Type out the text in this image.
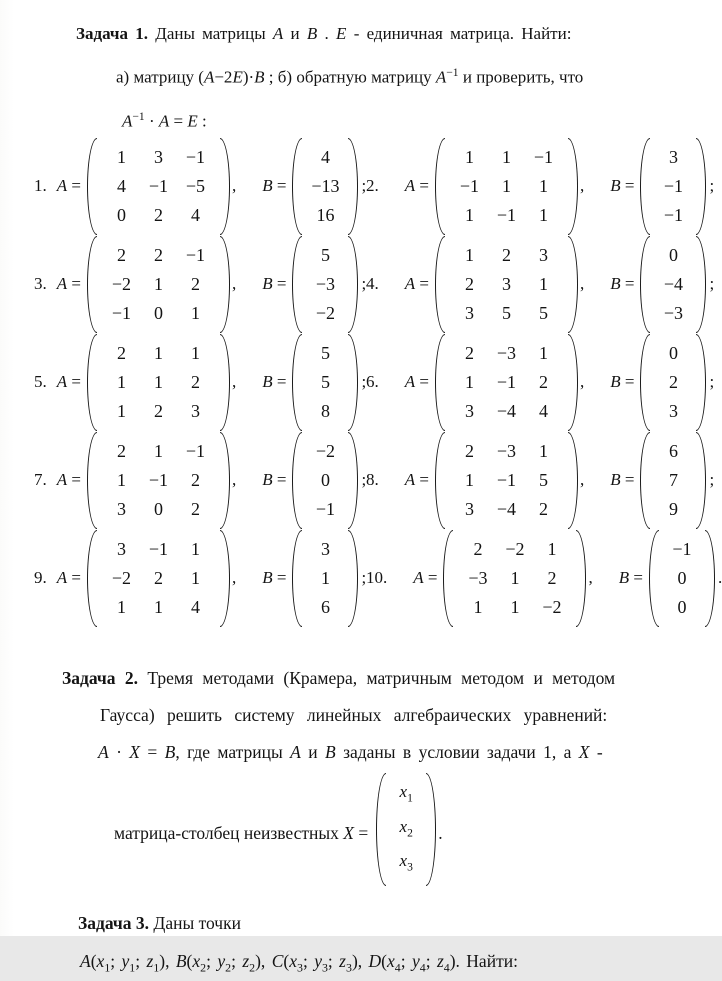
Задача 1. Даны матрицы A и B . E - единичная матрица. Найти:
а) матрицу (A−2E)·B ; б) обратную матрицу $A^{-1}$ и проверить, что
$A^{-1} \cdot A = E$ :
1. A =
1	3	−1
4	−1 −5
0	2	4
, B =
4
−13
16
; 2. A =
1	1	−1
−1	1	1
1	−1	1
, B =
3
−1
−1
;
3. A =
2	2	−1
−2	1	2
−1	0	1
, B =
5
−3
−2
; 4. A =
1	2	3
2	3	1
3	5	5
, B =
0
−4
−3
;
5. A =
2	1	1
1	1	2
1	2	3
, B =
5
5
8
; 6. A =
2	−3	1
1	−1	2
3	−4	4
, B =
0
2
3
;
7. A =
2	1	−1
1	−1	2
3	0	2
, B =
−2
0
−1
; 8. A =
2	−3	1
1	−1	5
3	−4	2
, B =
6
7
9
;
9. A =
3	−1	1
−2	2	1
1	1	4
, B =
3
1
6
; 10. A =
2	−2	1
−3	1	2
1	1	−2
, B =
−1
0
0
.
Задача 2. Тремя методами (Крамера, матричным методом и методом
Гаусса) решить систему линейных алгебраических уравнений:
A · X = B, где матрицы A и B заданы в условии задачи 1, а X -
матрица-столбец неизвестных X =
$x_1$
$x_2$
$x_3$
.
Задача 3. Даны точки
$A(x_1$; $y_1$; $z_1$), $B(x_2$; $y_2$; $z_2$), $C(x_3$; $y_3$; $z_3$), $D(x_4$; $y_4$; $z_4$). Найти:
